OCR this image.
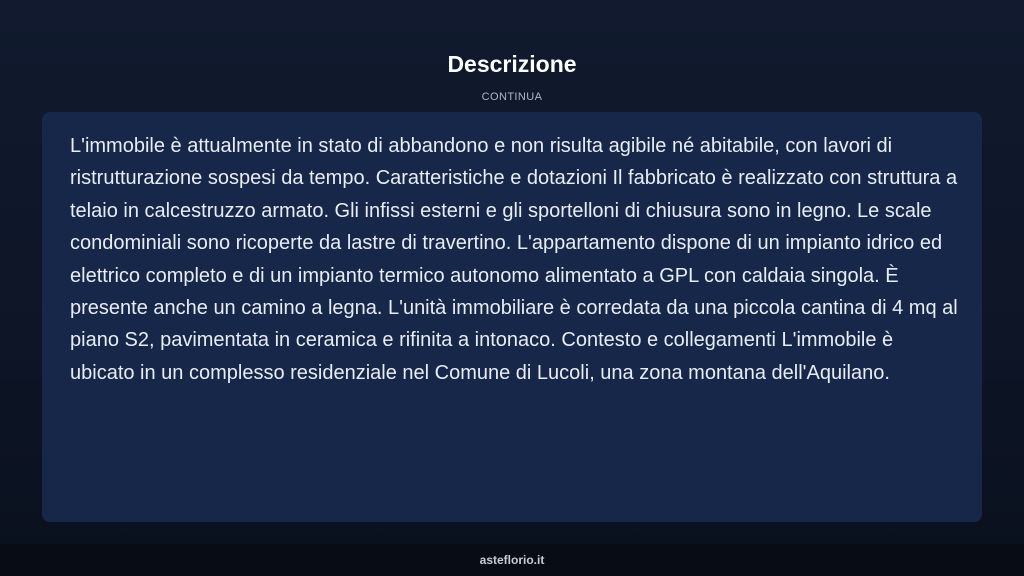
Descrizione
CONTINUA

L'immobile è attualmente in stato di abbandono e non risulta agibile né abitabile, con lavori di ristrutturazione sospesi da tempo. Caratteristiche e dotazioni Il fabbricato è realizzato con struttura a telaio in calcestruzzo armato. Gli infissi esterni e gli sportelloni di chiusura sono in legno. Le scale condominiali sono ricoperte da lastre di travertino. L'appartamento dispone di un impianto idrico ed elettrico completo e di un impianto termico autonomo alimentato a GPL con caldaia singola. È presente anche un camino a legna. L'unità immobiliare è corredata da una piccola cantina di 4 mq al piano S2, pavimentata in ceramica e rifinita a intonaco. Contesto e collegamenti L'immobile è ubicato in un complesso residenziale nel Comune di Lucoli, una zona montana dell'Aquilano.

asteflorio.it
